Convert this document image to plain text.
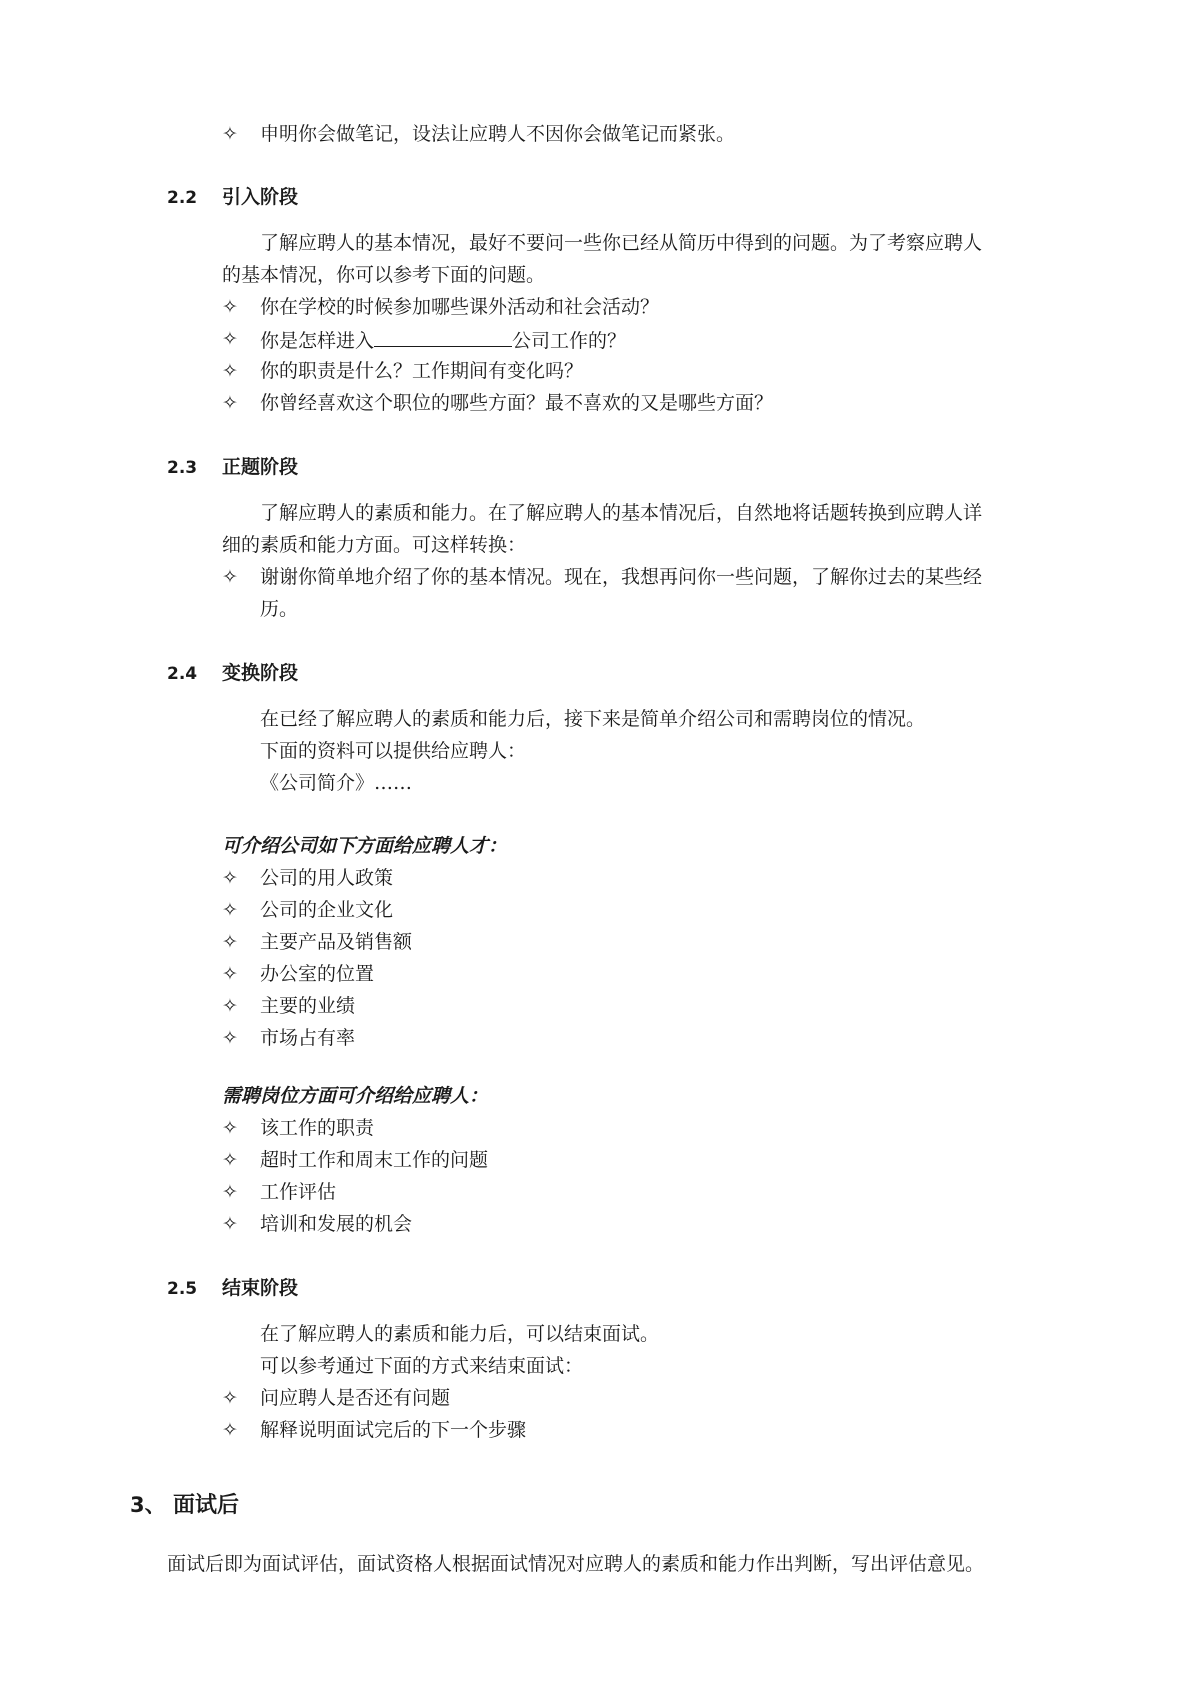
✧ 申明你会做笔记，设法让应聘人不因你会做笔记而紧张。
2.2 引入阶段
了解应聘人的基本情况，最好不要问一些你已经从简历中得到的问题。为了考察应聘人
的基本情况，你可以参考下面的问题。
✧ 你在学校的时候参加哪些课外活动和社会活动？
✧ 你是怎样进入	公司工作的？
✧ 你的职责是什么？工作期间有变化吗？
✧ 你曾经喜欢这个职位的哪些方面？最不喜欢的又是哪些方面？
2.3 正题阶段
了解应聘人的素质和能力。在了解应聘人的基本情况后，自然地将话题转换到应聘人详
细的素质和能力方面。可这样转换：
✧ 谢谢你简单地介绍了你的基本情况。现在，我想再问你一些问题，了解你过去的某些经
历。
2.4 变换阶段
在已经了解应聘人的素质和能力后，接下来是简单介绍公司和需聘岗位的情况。
下面的资料可以提供给应聘人：
《公司简介》……
可介绍公司如下方面给应聘人才：
✧ 公司的用人政策
✧ 公司的企业文化
✧ 主要产品及销售额
✧ 办公室的位置
✧ 主要的业绩
✧ 市场占有率
需聘岗位方面可介绍给应聘人：
✧ 该工作的职责
✧ 超时工作和周末工作的问题
✧ 工作评估
✧ 培训和发展的机会
2.5 结束阶段
在了解应聘人的素质和能力后，可以结束面试。
可以参考通过下面的方式来结束面试：
✧ 问应聘人是否还有问题
✧ 解释说明面试完后的下一个步骤
3、 面试后
面试后即为面试评估，面试资格人根据面试情况对应聘人的素质和能力作出判断，写出评估意见。
